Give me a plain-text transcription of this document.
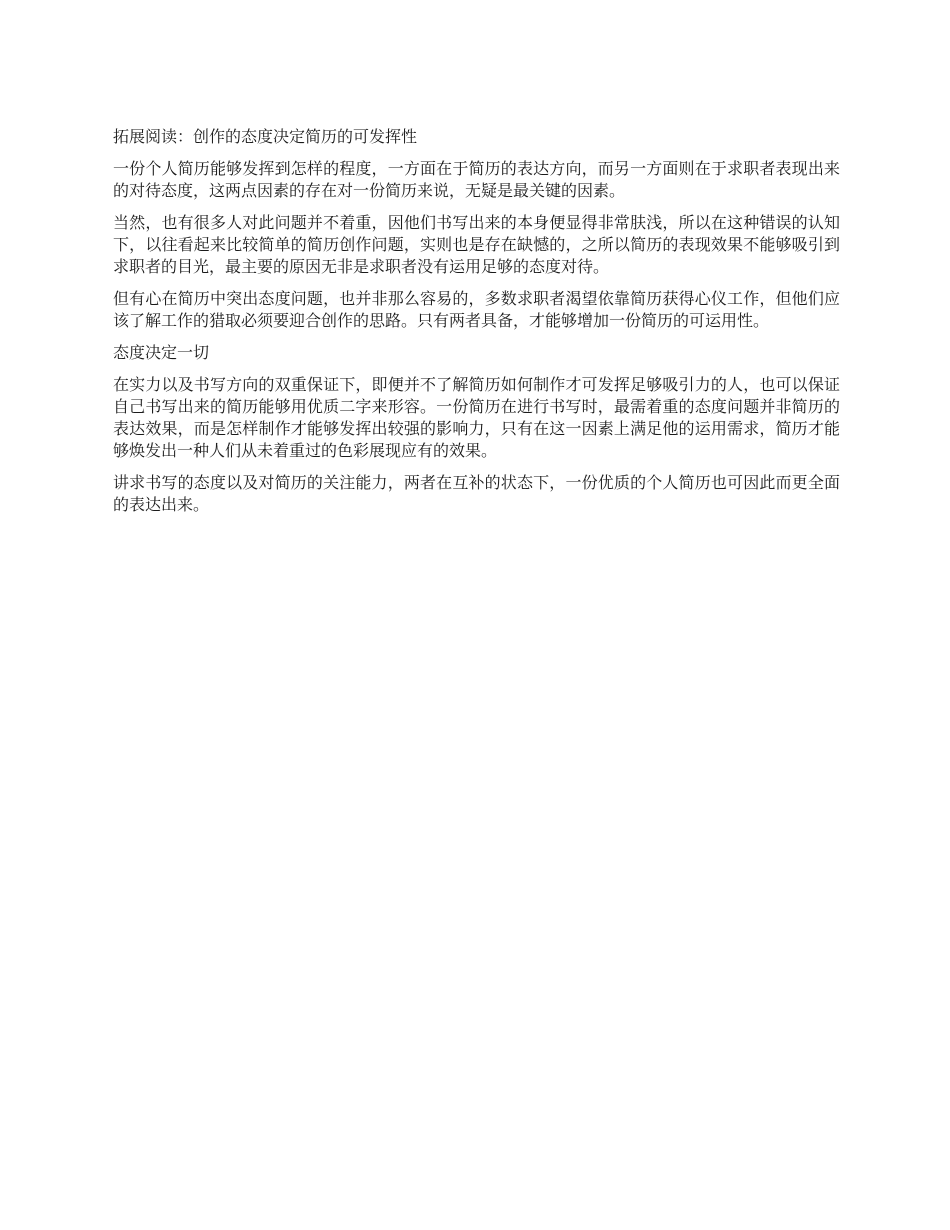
拓展阅读：创作的态度决定简历的可发挥性

一份个人简历能够发挥到怎样的程度，一方面在于简历的表达方向，而另一方面则在于求职者表现出来的对待态度，这两点因素的存在对一份简历来说，无疑是最关键的因素。

当然，也有很多人对此问题并不着重，因他们书写出来的本身便显得非常肤浅，所以在这种错误的认知下，以往看起来比较简单的简历创作问题，实则也是存在缺憾的，之所以简历的表现效果不能够吸引到求职者的目光，最主要的原因无非是求职者没有运用足够的态度对待。

但有心在简历中突出态度问题，也并非那么容易的，多数求职者渴望依靠简历获得心仪工作，但他们应该了解工作的猎取必须要迎合创作的思路。只有两者具备，才能够增加一份简历的可运用性。

态度决定一切

在实力以及书写方向的双重保证下，即便并不了解简历如何制作才可发挥足够吸引力的人，也可以保证自己书写出来的简历能够用优质二字来形容。一份简历在进行书写时，最需着重的态度问题并非简历的表达效果，而是怎样制作才能够发挥出较强的影响力，只有在这一因素上满足他的运用需求，简历才能够焕发出一种人们从未着重过的色彩展现应有的效果。

讲求书写的态度以及对简历的关注能力，两者在互补的状态下，一份优质的个人简历也可因此而更全面的表达出来。
